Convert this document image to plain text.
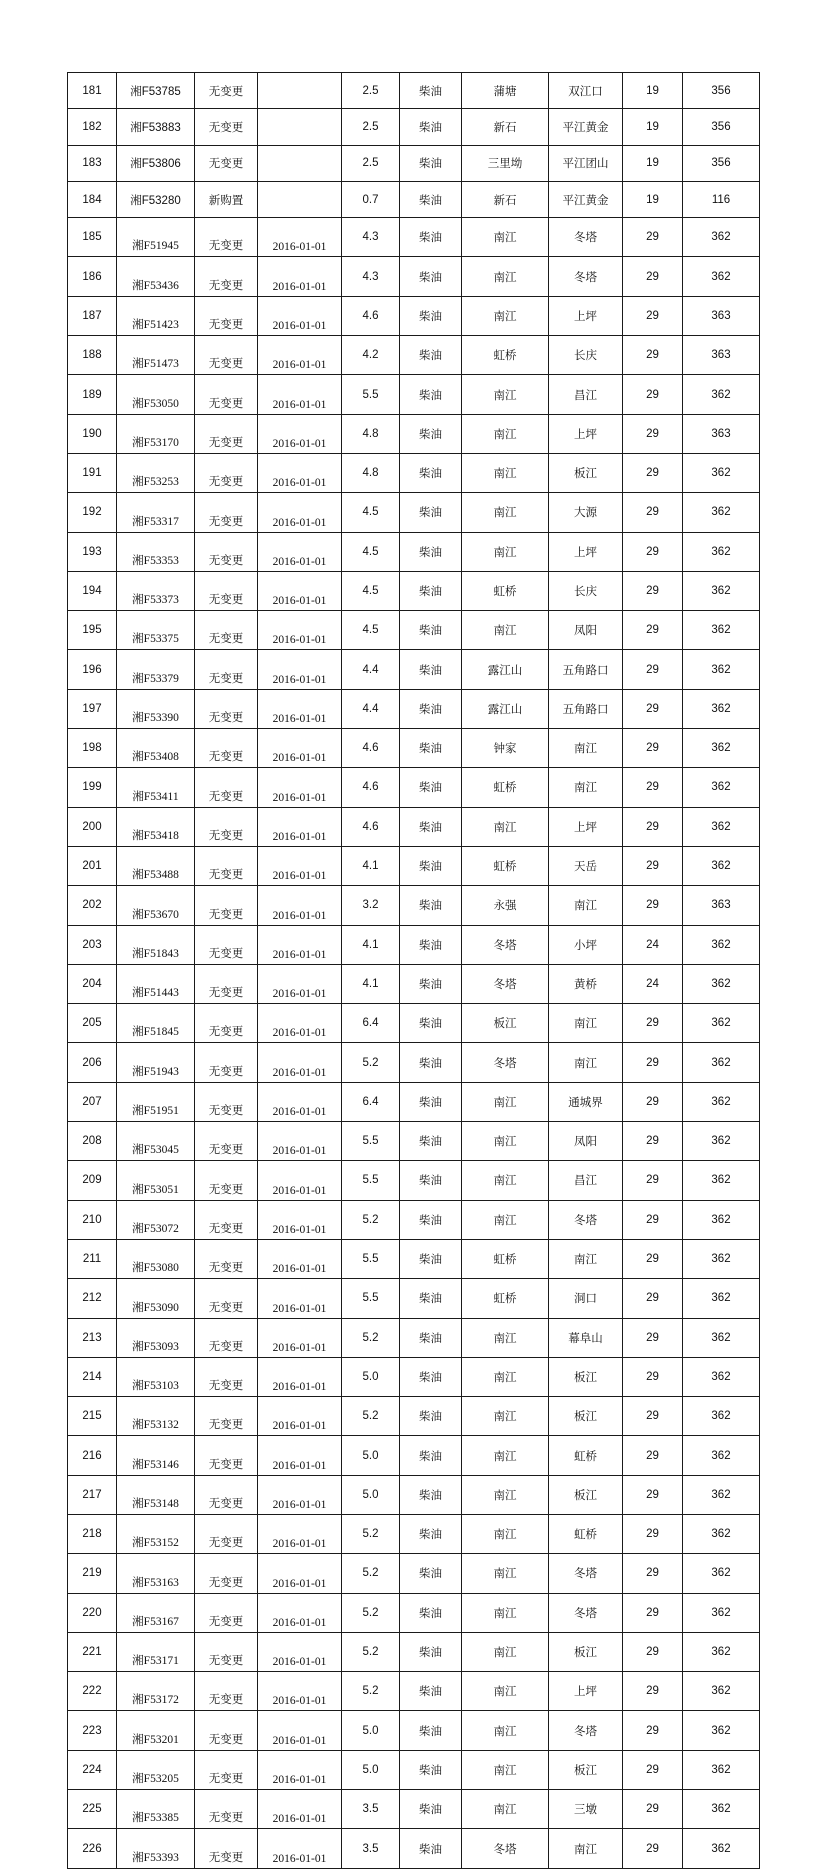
181	湘F53785	无变更		2.5	柴油	蒲塘	双江口	19	356
182	湘F53883	无变更		2.5	柴油	新石	平江黄金	19	356
183	湘F53806	无变更		2.5	柴油	三里坳	平江团山	19	356
184	湘F53280	新购置		0.7	柴油	新石	平江黄金	19	116
185	湘F51945	无变更	2016-01-01	4.3	柴油	南江	冬塔	29	362
186	湘F53436	无变更	2016-01-01	4.3	柴油	南江	冬塔	29	362
187	湘F51423	无变更	2016-01-01	4.6	柴油	南江	上坪	29	363
188	湘F51473	无变更	2016-01-01	4.2	柴油	虹桥	长庆	29	363
189	湘F53050	无变更	2016-01-01	5.5	柴油	南江	昌江	29	362
190	湘F53170	无变更	2016-01-01	4.8	柴油	南江	上坪	29	363
191	湘F53253	无变更	2016-01-01	4.8	柴油	南江	板江	29	362
192	湘F53317	无变更	2016-01-01	4.5	柴油	南江	大源	29	362
193	湘F53353	无变更	2016-01-01	4.5	柴油	南江	上坪	29	362
194	湘F53373	无变更	2016-01-01	4.5	柴油	虹桥	长庆	29	362
195	湘F53375	无变更	2016-01-01	4.5	柴油	南江	凤阳	29	362
196	湘F53379	无变更	2016-01-01	4.4	柴油	露江山	五角路口	29	362
197	湘F53390	无变更	2016-01-01	4.4	柴油	露江山	五角路口	29	362
198	湘F53408	无变更	2016-01-01	4.6	柴油	钟家	南江	29	362
199	湘F53411	无变更	2016-01-01	4.6	柴油	虹桥	南江	29	362
200	湘F53418	无变更	2016-01-01	4.6	柴油	南江	上坪	29	362
201	湘F53488	无变更	2016-01-01	4.1	柴油	虹桥	天岳	29	362
202	湘F53670	无变更	2016-01-01	3.2	柴油	永强	南江	29	363
203	湘F51843	无变更	2016-01-01	4.1	柴油	冬塔	小坪	24	362
204	湘F51443	无变更	2016-01-01	4.1	柴油	冬塔	黄桥	24	362
205	湘F51845	无变更	2016-01-01	6.4	柴油	板江	南江	29	362
206	湘F51943	无变更	2016-01-01	5.2	柴油	冬塔	南江	29	362
207	湘F51951	无变更	2016-01-01	6.4	柴油	南江	通城界	29	362
208	湘F53045	无变更	2016-01-01	5.5	柴油	南江	凤阳	29	362
209	湘F53051	无变更	2016-01-01	5.5	柴油	南江	昌江	29	362
210	湘F53072	无变更	2016-01-01	5.2	柴油	南江	冬塔	29	362
211	湘F53080	无变更	2016-01-01	5.5	柴油	虹桥	南江	29	362
212	湘F53090	无变更	2016-01-01	5.5	柴油	虹桥	洞口	29	362
213	湘F53093	无变更	2016-01-01	5.2	柴油	南江	幕阜山	29	362
214	湘F53103	无变更	2016-01-01	5.0	柴油	南江	板江	29	362
215	湘F53132	无变更	2016-01-01	5.2	柴油	南江	板江	29	362
216	湘F53146	无变更	2016-01-01	5.0	柴油	南江	虹桥	29	362
217	湘F53148	无变更	2016-01-01	5.0	柴油	南江	板江	29	362
218	湘F53152	无变更	2016-01-01	5.2	柴油	南江	虹桥	29	362
219	湘F53163	无变更	2016-01-01	5.2	柴油	南江	冬塔	29	362
220	湘F53167	无变更	2016-01-01	5.2	柴油	南江	冬塔	29	362
221	湘F53171	无变更	2016-01-01	5.2	柴油	南江	板江	29	362
222	湘F53172	无变更	2016-01-01	5.2	柴油	南江	上坪	29	362
223	湘F53201	无变更	2016-01-01	5.0	柴油	南江	冬塔	29	362
224	湘F53205	无变更	2016-01-01	5.0	柴油	南江	板江	29	362
225	湘F53385	无变更	2016-01-01	3.5	柴油	南江	三墩	29	362
226	湘F53393	无变更	2016-01-01	3.5	柴油	冬塔	南江	29	362
